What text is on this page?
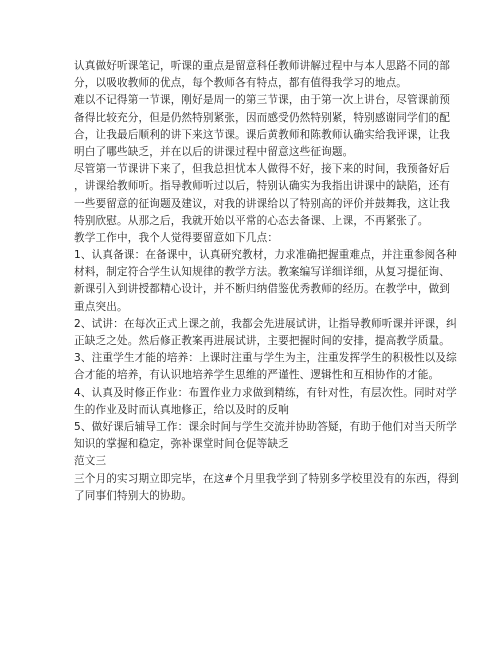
认真做好听课笔记，听课的重点是留意科任教师讲解过程中与本人思路不同的部
分，以吸收教师的优点，每个教师各有特点，都有值得我学习的地点。
难以不记得第一节课，刚好是周一的第三节课，由于第一次上讲台，尽管课前预
备得比较充分，但是仍然特别紧张，因而感受仍然特别紧，特别感谢同学们的配
合，让我最后顺利的讲下来这节课。课后黄教师和陈教师认确实给我评课，让我
明白了哪些缺乏，并在以后的讲课过程中留意这些征询题。
尽管第一节课讲下来了，但我总担忧本人做得不好，接下来的时间，我预备好后
，讲课给教师听。指导教师听过以后，特别认确实为我指出讲课中的缺陷，还有
一些要留意的征询题及建议，对我的讲课给以了特别高的评价并鼓舞我，这让我
特别欣慰。从那之后，我就开始以平常的心态去备课、上课，不再紧张了。
教学工作中，我个人觉得要留意如下几点：
1、认真备课：在备课中，认真研究教材，力求准确把握重难点，并注重参阅各种
材料，制定符合学生认知规律的教学方法。教案编写详细详细，从复习提征询、
新课引入到讲授都精心设计，并不断归纳借鉴优秀教师的经历。在教学中，做到
重点突出。
2、试讲：在每次正式上课之前，我都会先进展试讲，让指导教师听课并评课，纠
正缺乏之处。然后修正教案再进展试讲，主要把握时间的安排，提高教学质量。
3、注重学生才能的培养：上课时注重与学生为主，注重发挥学生的积极性以及综
合才能的培养，有认识地培养学生思维的严谨性、逻辑性和互相协作的才能。
4、认真及时修正作业：布置作业力求做到精练，有针对性，有层次性。同时对学
生的作业及时而认真地修正，给以及时的反响
5、做好课后辅导工作：课余时间与学生交流并协助答疑，有助于他们对当天所学
知识的掌握和稳定，弥补课堂时间仓促等缺乏
范文三
三个月的实习期立即完毕，在这#个月里我学到了特别多学校里没有的东西，得到
了同事们特别大的协助。
